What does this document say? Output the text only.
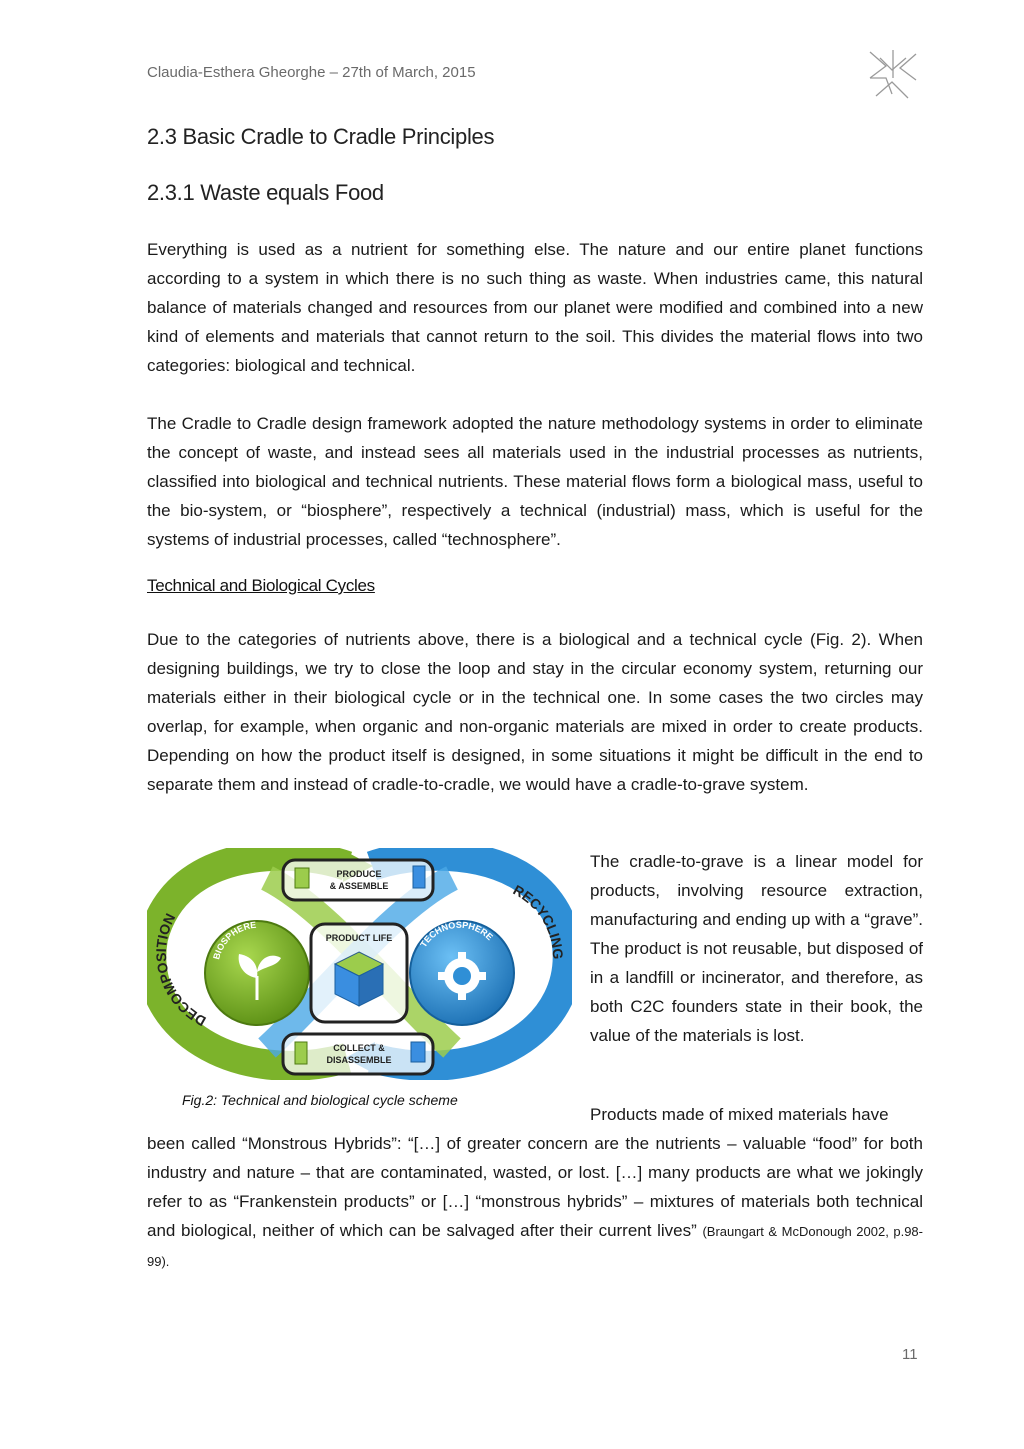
Claudia-Esthera Gheorghe – 27th of March, 2015
2.3 Basic Cradle to Cradle Principles
2.3.1 Waste equals Food

Everything is used as a nutrient for something else. The nature and our entire planet functions according to a system in which there is no such thing as waste. When industries came, this natural balance of materials changed and resources from our planet were modified and combined into a new kind of elements and materials that cannot return to the soil. This divides the material flows into two categories: biological and technical.

The Cradle to Cradle design framework adopted the nature methodology systems in order to eliminate the concept of waste, and instead sees all materials used in the industrial processes as nutrients, classified into biological and technical nutrients. These material flows form a biological mass, useful to the bio-system, or “biosphere”, respectively a technical (industrial) mass, which is useful for the systems of industrial processes, called “technosphere”.

Technical and Biological Cycles

Due to the categories of nutrients above, there is a biological and a technical cycle (Fig. 2). When designing buildings, we try to close the loop and stay in the circular economy system, returning our materials either in their biological cycle or in the technical one. In some cases the two circles may overlap, for example, when organic and non-organic materials are mixed in order to create products. Depending on how the product itself is designed, in some situations it might be difficult in the end to separate them and instead of cradle-to-cradle, we would have a cradle-to-grave system.

DECOMPOSITION
RECYCLING
BIOSPHERE
TECHNOSPHERE
PRODUCE
& ASSEMBLE
PRODUCT LIFE
COLLECT &
DISASSEMBLE
Fig.2: Technical and biological cycle scheme

The cradle-to-grave is a linear model for products, involving resource extraction, manufacturing and ending up with a “grave”. The product is not reusable, but disposed of in a landfill or incinerator, and therefore, as both C2C founders state in their book, the value of the materials is lost.

Products made of mixed materials have

been called “Monstrous Hybrids”: “[…] of greater concern are the nutrients – valuable “food” for both industry and nature – that are contaminated, wasted, or lost. […] many products are what we jokingly refer to as “Frankenstein products” or […] “monstrous hybrids” – mixtures of materials both technical and biological, neither of which can be salvaged after their current lives” (Braungart & McDonough 2002, p.98-99).

11
